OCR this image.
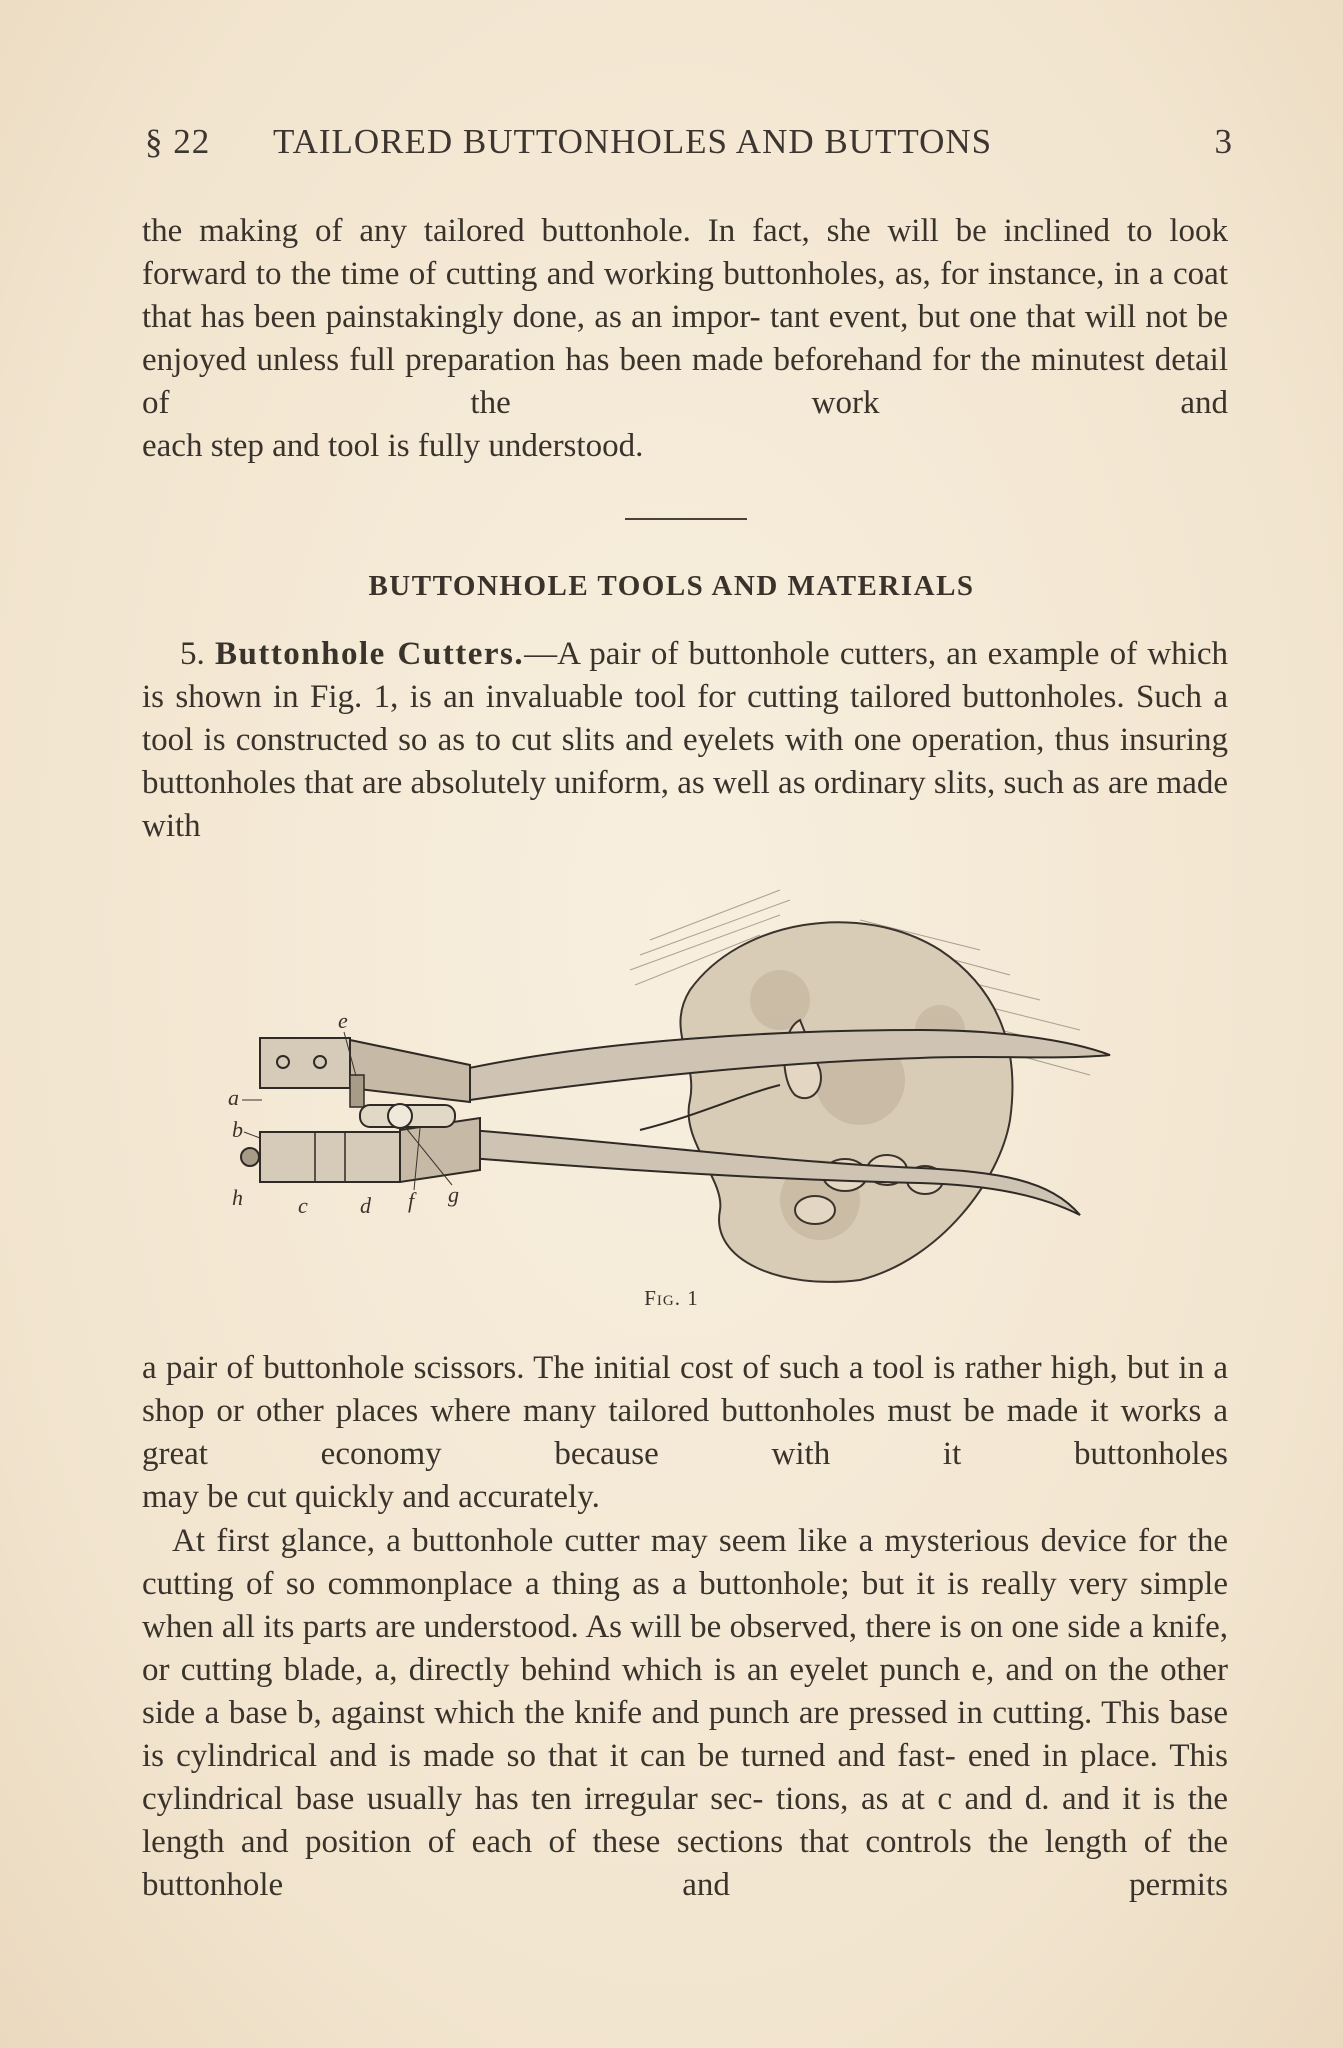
§ 22 TAILORED BUTTONHOLES AND BUTTONS	3

the making of any tailored buttonhole. In fact, she will be inclined to look forward to the time of cutting and working buttonholes, as, for instance, in a coat that has been painstakingly done, as an impor- tant event, but one that will not be enjoyed unless full preparation has been made beforehand for the minutest detail of the work and
each step and tool is fully understood.

BUTTONHOLE TOOLS AND MATERIALS

5. Buttonhole Cutters.—A pair of buttonhole cutters, an example of which is shown in Fig. 1, is an invaluable tool for cutting tailored buttonholes. Such a tool is constructed so as to cut slits and eyelets with one operation, thus insuring buttonholes that are absolutely uniform, as well as ordinary slits, such as are made with

e
a
b
h	c d f g
Fig. 1

a pair of buttonhole scissors. The initial cost of such a tool is rather high, but in a shop or other places where many tailored buttonholes must be made it works a great economy because with it buttonholes
may be cut quickly and accurately.

At first glance, a buttonhole cutter may seem like a mysterious device for the cutting of so commonplace a thing as a buttonhole; but it is really very simple when all its parts are understood. As will be observed, there is on one side a knife, or cutting blade, a, directly behind which is an eyelet punch e, and on the other side a base b, against which the knife and punch are pressed in cutting. This base is cylindrical and is made so that it can be turned and fast- ened in place. This cylindrical base usually has ten irregular sec- tions, as at c and d. and it is the length and position of each of these sections that controls the length of the buttonhole and permits
